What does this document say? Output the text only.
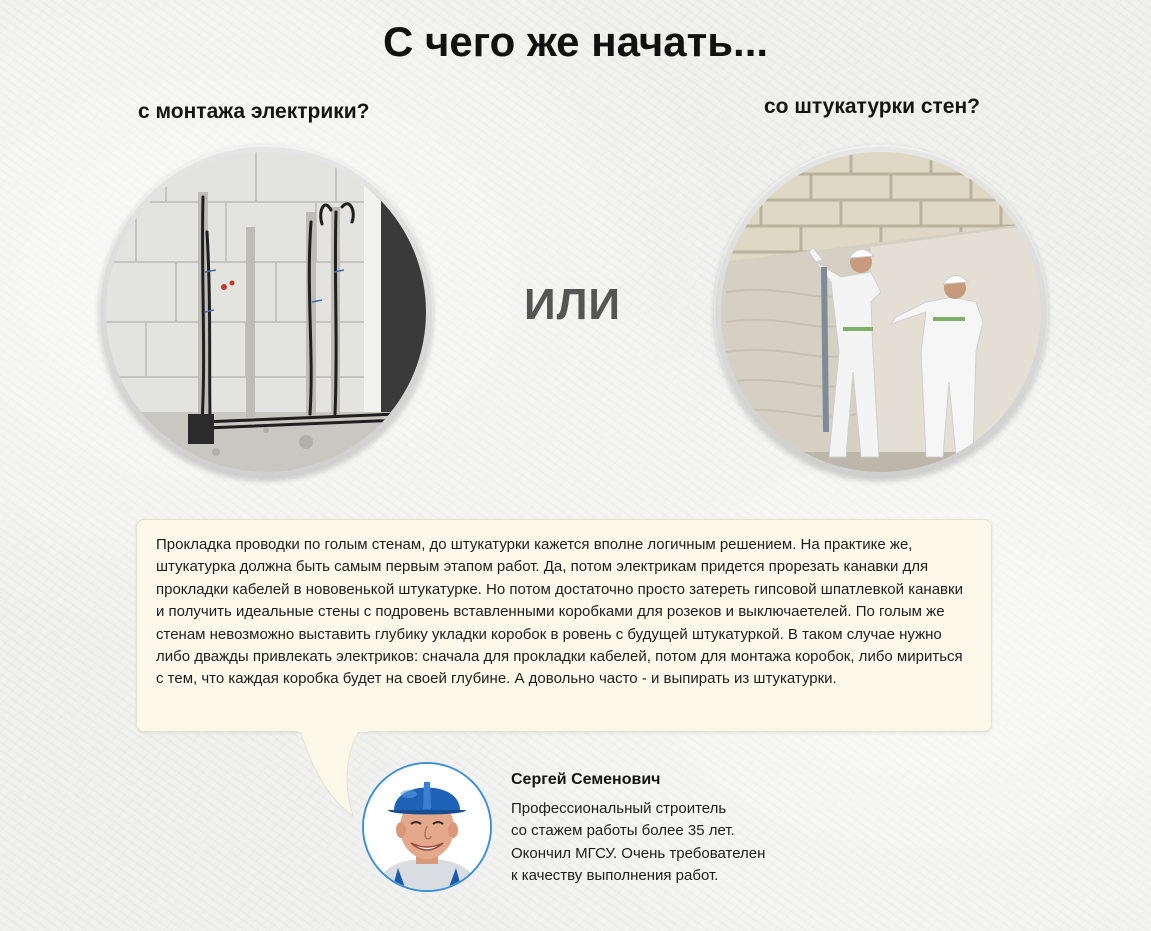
С чего же начать...
с монтажа электрики?	со штукатурки стен?
ИЛИ

Прокладка проводки по голым стенам, до штукатурки кажется вполне логичным решением. На практике же, штукатурка должна быть самым первым этапом работ. Да, потом электрикам придется прорезать канавки для прокладки кабелей в нововенькой штукатурке. Но потом достаточно просто затереть гипсовой шпатлевкой канавки и получить идеальные стены с подровень вставленными коробками для розеков и выключаетелей. По голым же стенам невозможно выставить глубику укладки коробок в ровень с будущей штукатуркой. В таком случае нужно либо дважды привлекать электриков: сначала для прокладки кабелей, потом для монтажа коробок, либо мириться с тем, что каждая коробка будет на своей глубине. А довольно часто - и выпирать из штукатурки.

Сергей Семенович
Профессиональный строитель
со стажем работы более 35 лет.
Окончил МГСУ. Очень требователен
к качеству выполнения работ.
